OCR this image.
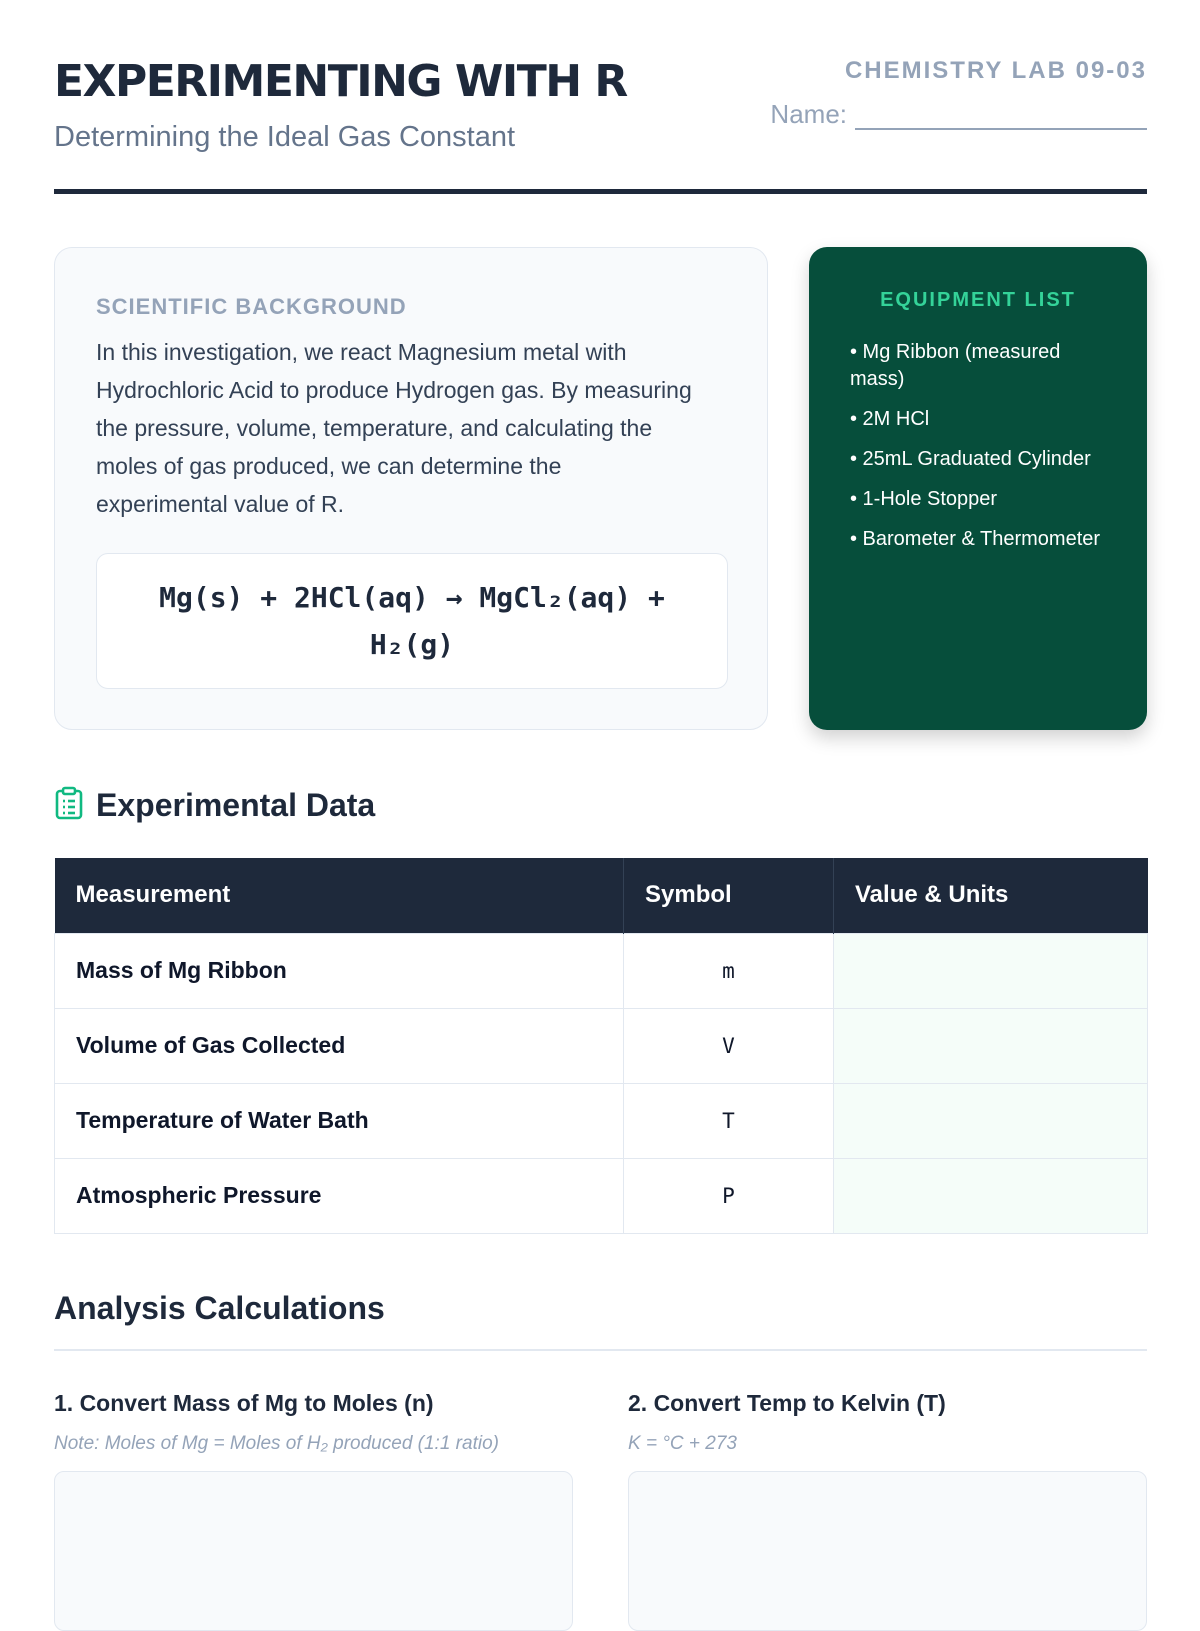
EXPERIMENTING WITH R
Determining the Ideal Gas Constant
CHEMISTRY LAB 09-03
Name:
SCIENTIFIC BACKGROUND

In this investigation, we react Magnesium metal with Hydrochloric Acid to produce Hydrogen gas. By measuring the pressure, volume, temperature, and calculating the moles of gas produced, we can determine the experimental value of R.

Mg(s) + 2HCl(aq) → MgCl₂(aq) + H₂(g)
EQUIPMENT LIST
• Mg Ribbon (measured mass)
• 2M HCl
• 25mL Graduated Cylinder
• 1-Hole Stopper
• Barometer & Thermometer
Experimental Data
Measurement	Symbol	Value & Units
Mass of Mg Ribbon	m	
Volume of Gas Collected	V	
Temperature of Water Bath	T	
Atmospheric Pressure	P	
Analysis Calculations
1. Convert Mass of Mg to Moles (n)
Note: Moles of Mg = Moles of H₂ produced (1:1 ratio)
2. Convert Temp to Kelvin (T)
K = °C + 273
